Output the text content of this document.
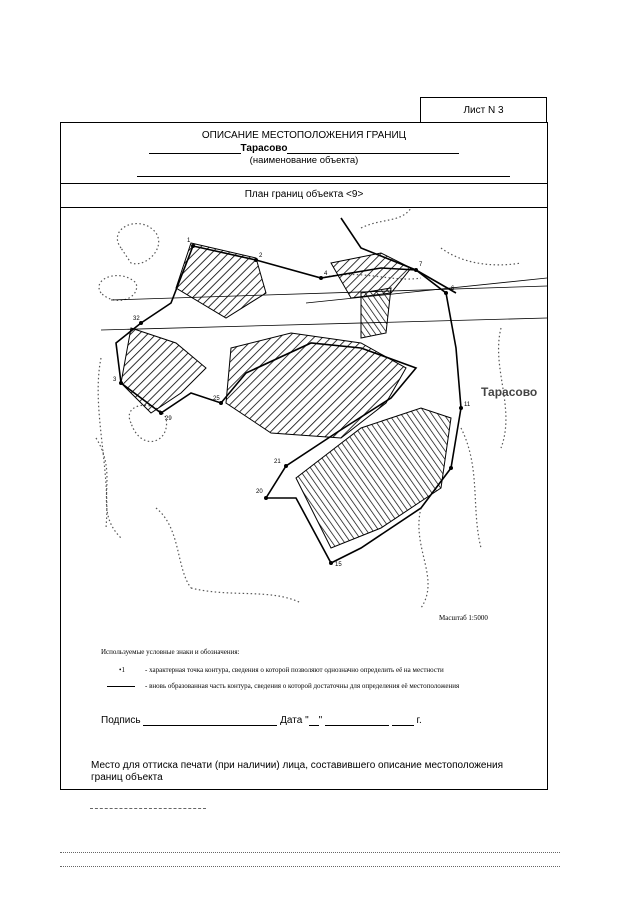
Лист N 3
ОПИСАНИЕ МЕСТОПОЛОЖЕНИЯ ГРАНИЦ
Тарасово
(наименование объекта)
План границ объекта <9>
1
2
3
4
6
7
11
15
20
21
25
29
32
Тарасово
Масштаб 1:5000
Используемые условные знаки и обозначения:
•1	- характерная точка контура, сведения о которой позволяют однозначно определить её на местности
- вновь образованная часть контура, сведения о которой достаточны для определения её местоположения
Подпись	Дата " "	г.
Место для оттиска печати (при наличии) лица, составившего описание местоположения границ объекта
